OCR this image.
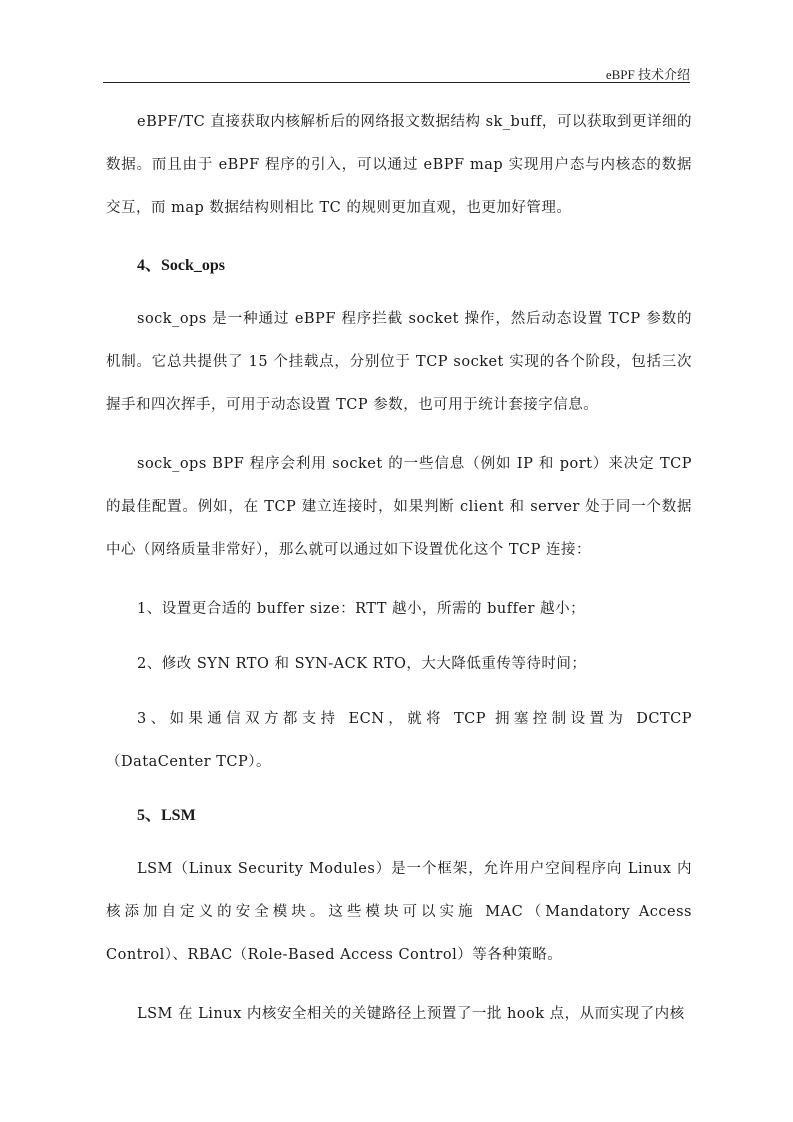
eBPF 技术介绍

eBPF/TC 直接获取内核解析后的网络报文数据结构 sk_buff，可以获取到更详细的数据。而且由于 eBPF 程序的引入，可以通过 eBPF map 实现用户态与内核态的数据交互，而 map 数据结构则相比 TC 的规则更加直观，也更加好管理。

4、Sock_ops

sock_ops 是一种通过 eBPF 程序拦截 socket 操作，然后动态设置 TCP 参数的机制。它总共提供了 15 个挂载点，分别位于 TCP socket 实现的各个阶段，包括三次握手和四次挥手，可用于动态设置 TCP 参数，也可用于统计套接字信息。

sock_ops BPF 程序会利用 socket 的一些信息（例如 IP 和 port）来决定 TCP 的最佳配置。例如，在 TCP 建立连接时，如果判断 client 和 server 处于同一个数据中心（网络质量非常好），那么就可以通过如下设置优化这个 TCP 连接：

1、设置更合适的 buffer size：RTT 越小，所需的 buffer 越小；

2、修改 SYN RTO 和 SYN-ACK RTO，大大降低重传等待时间；

3、如果通信双方都支持 ECN，就将 TCP 拥塞控制设置为 DCTCP（DataCenter TCP）。

5、LSM

LSM（Linux Security Modules）是一个框架，允许用户空间程序向 Linux 内核添加自定义的安全模块。这些模块可以实施 MAC（Mandatory Access Control）、RBAC（Role-Based Access Control）等各种策略。

LSM 在 Linux 内核安全相关的关键路径上预置了一批 hook 点，从而实现了内核
